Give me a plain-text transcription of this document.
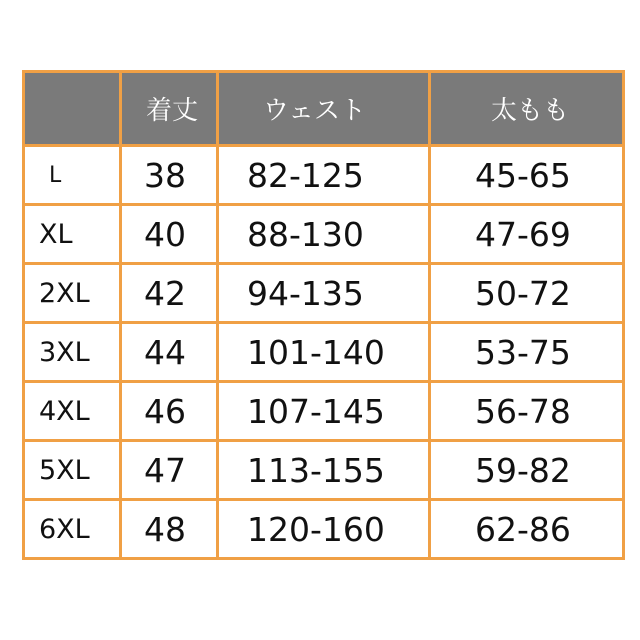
	着丈	ウェスト	太もも
L	38	82-125	45-65
XL	40	88-130	47-69
2XL	42	94-135	50-72
3XL	44	101-140	53-75
4XL	46	107-145	56-78
5XL	47	113-155	59-82
6XL	48	120-160	62-86
